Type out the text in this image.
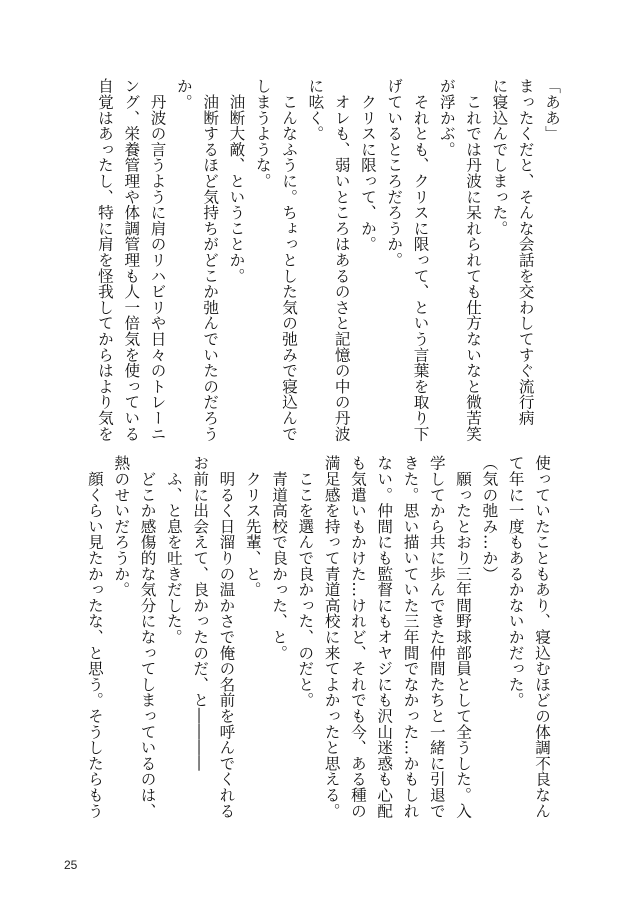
「ああ」
まったくだと、そんな会話を交わしてすぐ流行病
に寝込んでしまった。
　これでは丹波に呆れられても仕方ないなと微苦笑
が浮かぶ。
　それとも、クリスに限って、という言葉を取り下
げているところだろうか。
　クリスに限って、か。
　オレも、弱いところはあるのさと記憶の中の丹波
に呟く。
　こんなふうに。ちょっとした気の弛みで寝込んで
しまうような。
　油断大敵、ということか。
　油断するほど気持ちがどこか弛んでいたのだろう
か。
　丹波の言うように肩のリハビリや日々のトレーニ
ング、栄養管理や体調管理も人一倍気を使っている
自覚はあったし、特に肩を怪我してからはより気を
使っていたこともあり、寝込むほどの体調不良なん
て年に一度もあるかないかだった。
（気の弛み…か）
　願ったとおり三年間野球部員として全うした。入
学してから共に歩んできた仲間たちと一緒に引退で
きた。思い描いていた三年間でなかった…かもしれ
ない。仲間にも監督にもオヤジにも沢山迷惑も心配
も気遣いもかけた…けれど、それでも今、ある種の
満足感を持って青道高校に来てよかったと思える。
　ここを選んで良かった、のだと。
　青道高校で良かった、と。
　クリス先輩、と。
　明るく日溜りの温かさで俺の名前を呼んでくれる
お前に出会えて、良かったのだ、と――――
　ふ、と息を吐きだした。
　どこか感傷的な気分になってしまっているのは、
熱のせいだろうか。
　顔くらい見たかったな、と思う。そうしたらもう
25
